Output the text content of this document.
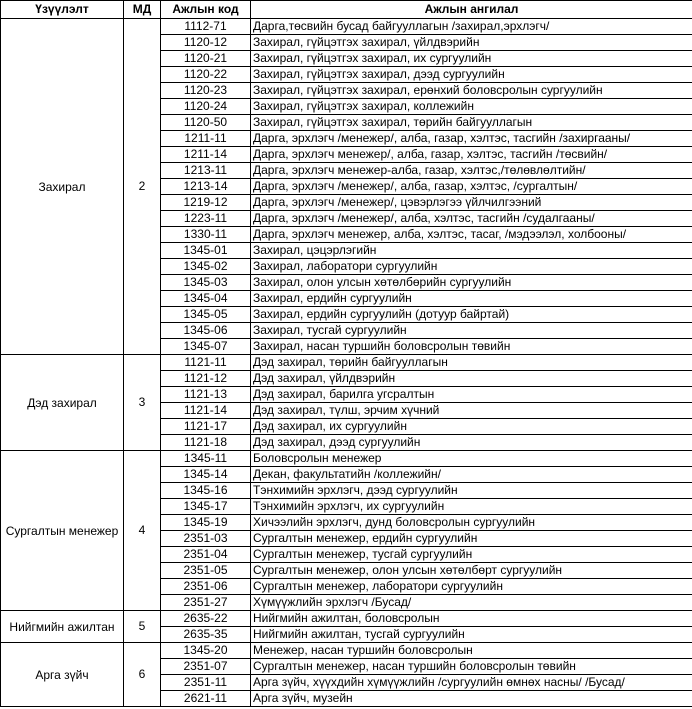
Үзүүлэлт	МД	Ажлын код	Ажлын ангилал
Захирал	2	1112-71	Дарга,төсвийн бусад байгууллагын /захирал,эрхлэгч/
		1120-12	Захирал, гүйцэтгэх захирал, үйлдвэрийн
		1120-21	Захирал, гүйцэтгэх захирал, их сургуулийн
		1120-22	Захирал, гүйцэтгэх захирал, дээд сургуулийн
		1120-23	Захирал, гүйцэтгэх захирал, ерөнхий боловсролын сургуулийн
		1120-24	Захирал, гүйцэтгэх захирал, коллежийн
		1120-50	Захирал, гүйцэтгэх захирал, төрийн байгууллагын
		1211-11	Дарга, эрхлэгч /менежер/, алба, газар, хэлтэс, тасгийн /захиргааны/
		1211-14	Дарга, эрхлэгч менежер/, алба, газар, хэлтэс, тасгийн /төсвийн/
		1213-11	Дарга, эрхлэгч менежер-алба, газар, хэлтэс,/төлөвлөлтийн/
		1213-14	Дарга, эрхлэгч /менежер/, алба, газар, хэлтэс, /сургалтын/
		1219-12	Дарга, эрхлэгч /менежер/, цэвэрлэгээ үйлчилгээний
		1223-11	Дарга, эрхлэгч /менежер/, алба, хэлтэс, тасгийн /судалгааны/
		1330-11	Дарга, эрхлэгч менежер, алба, хэлтэс, тасаг, /мэдээлэл, холбооны/
		1345-01	Захирал, цэцэрлэгийн
		1345-02	Захирал, лаборатори сургуулийн
		1345-03	Захирал, олон улсын хөтөлбөрийн сургуулийн
		1345-04	Захирал, ердийн сургуулийн
		1345-05	Захирал, ердийн сургуулийн (дотуур байртай)
		1345-06	Захирал, тусгай сургуулийн
		1345-07	Захирал, насан туршийн боловсролын төвийн
Дэд захирал	3	1121-11	Дэд захирал, төрийн байгууллагын
		1121-12	Дэд захирал, үйлдвэрийн
		1121-13	Дэд захирал, барилга угсралтын
		1121-14	Дэд захирал, түлш, эрчим хүчний
		1121-17	Дэд захирал, их сургуулийн
		1121-18	Дэд захирал, дээд сургуулийн
Сургалтын менежер	4	1345-11	Боловсролын менежер
		1345-14	Декан, факультатийн /коллежийн/
		1345-16	Тэнхимийн эрхлэгч, дээд сургуулийн
		1345-17	Тэнхимийн эрхлэгч, их сургуулийн
		1345-19	Хичээлийн эрхлэгч, дунд боловсролын сургуулийн
		2351-03	Сургалтын менежер, ердийн сургуулийн
		2351-04	Сургалтын менежер, тусгай сургуулийн
		2351-05	Сургалтын менежер, олон улсын хөтөлбөрт сургуулийн
		2351-06	Сургалтын менежер, лаборатори сургуулийн
		2351-27	Хүмүүжлийн эрхлэгч /Бусад/
Нийгмийн ажилтан	5	2635-22	Нийгмийн ажилтан, боловсролын
		2635-35	Нийгмийн ажилтан, тусгай сургуулийн
Арга зүйч	6	1345-20	Менежер, насан туршийн боловсролын
		2351-07	Сургалтын менежер, насан туршийн боловсролын төвийн
		2351-11	Арга зүйч, хүүхдийн хүмүүжлийн /сургуулийн өмнөх насны/ /Бусад/
		2621-11	Арга зүйч, музейн
